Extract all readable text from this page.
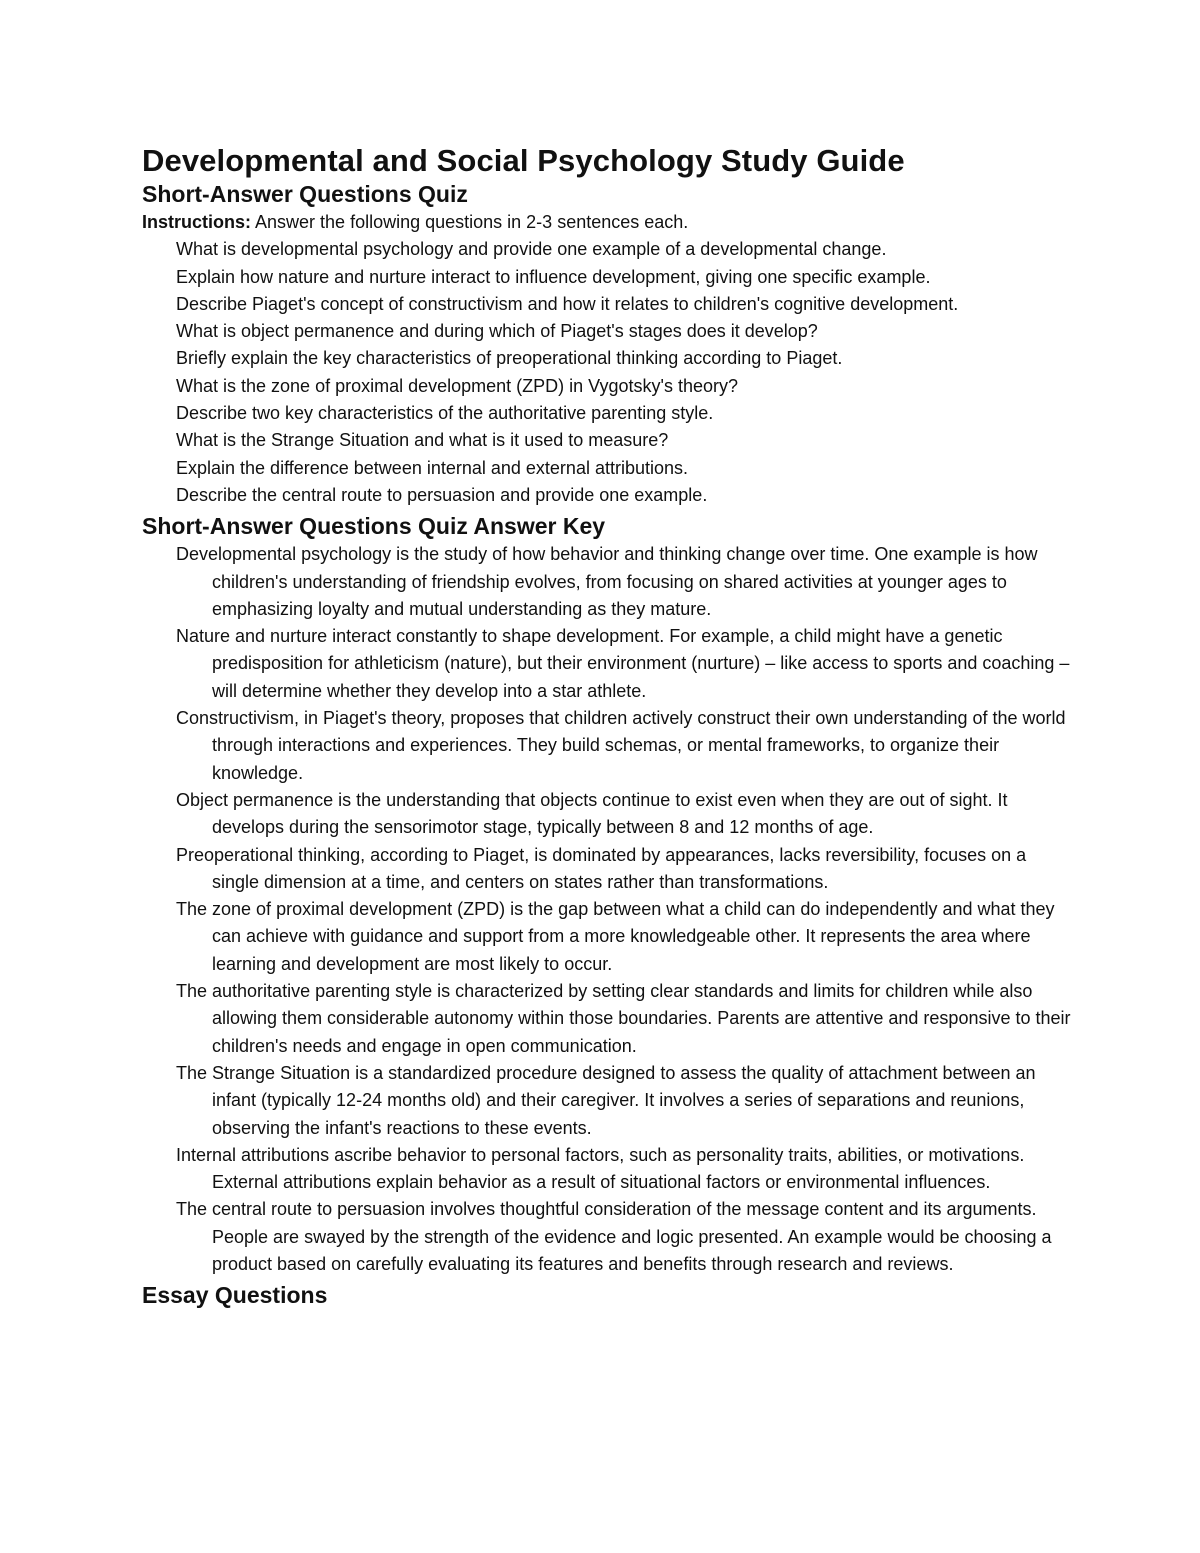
Developmental and Social Psychology Study Guide
Short-Answer Questions Quiz

Instructions: Answer the following questions in 2-3 sentences each.

What is developmental psychology and provide one example of a developmental change.
Explain how nature and nurture interact to influence development, giving one specific example.
Describe Piaget's concept of constructivism and how it relates to children's cognitive development.
What is object permanence and during which of Piaget's stages does it develop?
Briefly explain the key characteristics of preoperational thinking according to Piaget.
What is the zone of proximal development (ZPD) in Vygotsky's theory?
Describe two key characteristics of the authoritative parenting style.
What is the Strange Situation and what is it used to measure?
Explain the difference between internal and external attributions.
Describe the central route to persuasion and provide one example.
Short-Answer Questions Quiz Answer Key
Developmental psychology is the study of how behavior and thinking change over time. One example is how children's understanding of friendship evolves, from focusing on shared activities at younger ages to emphasizing loyalty and mutual understanding as they mature.
Nature and nurture interact constantly to shape development. For example, a child might have a genetic predisposition for athleticism (nature), but their environment (nurture) – like access to sports and coaching – will determine whether they develop into a star athlete.
Constructivism, in Piaget's theory, proposes that children actively construct their own understanding of the world through interactions and experiences. They build schemas, or mental frameworks, to organize their knowledge.
Object permanence is the understanding that objects continue to exist even when they are out of sight. It develops during the sensorimotor stage, typically between 8 and 12 months of age.
Preoperational thinking, according to Piaget, is dominated by appearances, lacks reversibility, focuses on a single dimension at a time, and centers on states rather than transformations.
The zone of proximal development (ZPD) is the gap between what a child can do independently and what they can achieve with guidance and support from a more knowledgeable other. It represents the area where learning and development are most likely to occur.
The authoritative parenting style is characterized by setting clear standards and limits for children while also allowing them considerable autonomy within those boundaries. Parents are attentive and responsive to their children's needs and engage in open communication.
The Strange Situation is a standardized procedure designed to assess the quality of attachment between an infant (typically 12-24 months old) and their caregiver. It involves a series of separations and reunions, observing the infant's reactions to these events.
Internal attributions ascribe behavior to personal factors, such as personality traits, abilities, or motivations. External attributions explain behavior as a result of situational factors or environmental influences.
The central route to persuasion involves thoughtful consideration of the message content and its arguments. People are swayed by the strength of the evidence and logic presented. An example would be choosing a product based on carefully evaluating its features and benefits through research and reviews.
Essay Questions
